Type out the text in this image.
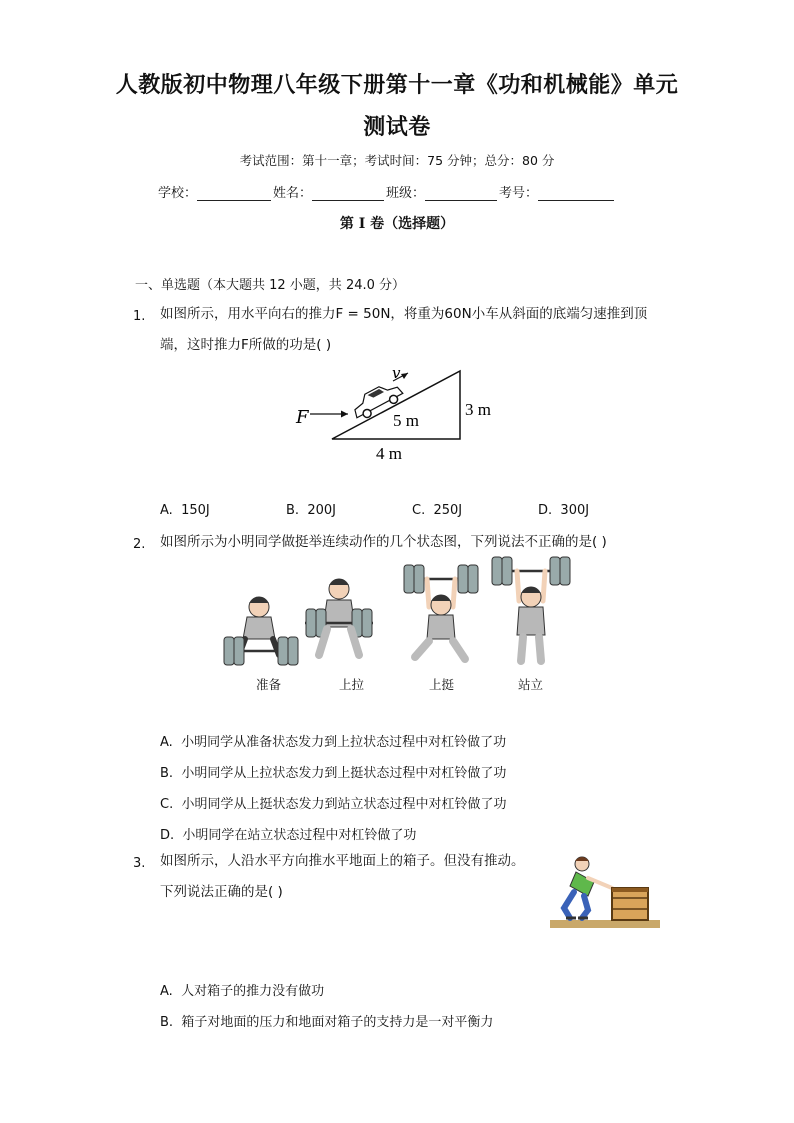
人教版初中物理八年级下册第十一章《功和机械能》单元
测试卷
考试范围：第十一章；考试时间：75 分钟；总分：80 分
学校：	姓名：	班级：	考号：
第 I 卷（选择题）
一、单选题（本大题共 12 小题，共 24.0 分）
1. 如图所示，用水平向右的推力F = 50N，将重为60N小车从斜面的底端匀速推到顶
端，这时推力F所做的功是( )
v
F	5 m
3 m
4 m
A. 150J	B. 200J	C. 250J	D. 300J
2. 如图所示为小明同学做挺举连续动作的几个状态图，下列说法不正确的是( )
准备	上拉	上挺	站立
A. 小明同学从准备状态发力到上拉状态过程中对杠铃做了功
B. 小明同学从上拉状态发力到上挺状态过程中对杠铃做了功
C. 小明同学从上挺状态发力到站立状态过程中对杠铃做了功
D. 小明同学在站立状态过程中对杠铃做了功
3. 如图所示，人沿水平方向推水平地面上的箱子。但没有推动。
下列说法正确的是( )
A. 人对箱子的推力没有做功
B. 箱子对地面的压力和地面对箱子的支持力是一对平衡力
